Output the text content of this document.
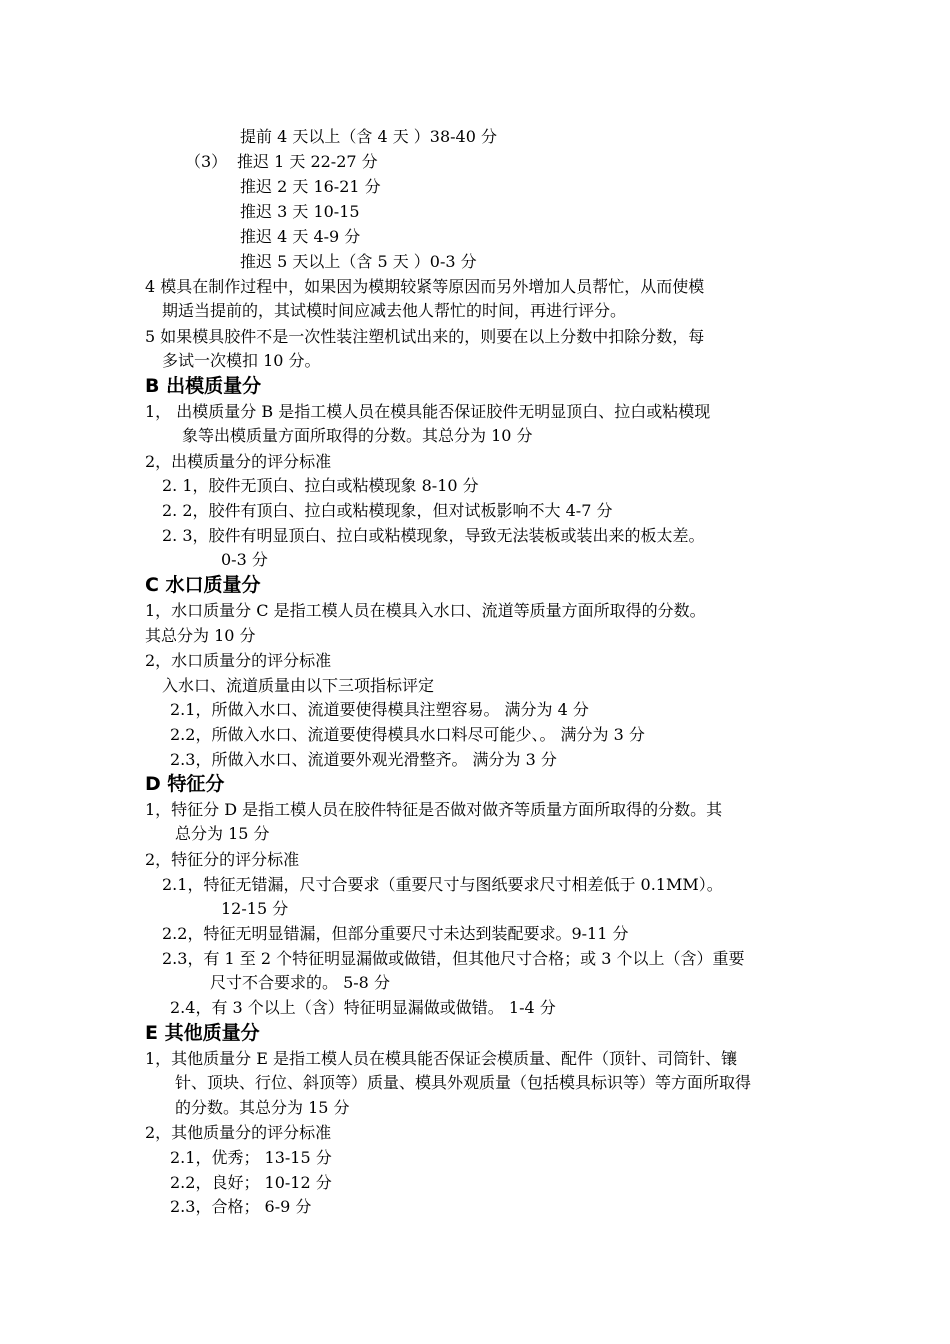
提前 4 天以上（含 4 天 ）38-40 分
（3） 推迟 1 天 22-27 分
推迟 2 天 16-21 分
推迟 3 天 10-15
推迟 4 天 4-9 分
推迟 5 天以上（含 5 天 ）0-3 分
4 模具在制作过程中，如果因为模期较紧等原因而另外增加人员帮忙，从而使模
期适当提前的，其试模时间应减去他人帮忙的时间，再进行评分。
5 如果模具胶件不是一次性装注塑机试出来的，则要在以上分数中扣除分数，每
多试一次模扣 10 分。
B 出模质量分
1， 出模质量分 B 是指工模人员在模具能否保证胶件无明显顶白、拉白或粘模现
象等出模质量方面所取得的分数。其总分为 10 分
2，出模质量分的评分标准
2. 1，胶件无顶白、拉白或粘模现象 8-10 分
2. 2，胶件有顶白、拉白或粘模现象，但对试板影响不大 4-7 分
2. 3，胶件有明显顶白、拉白或粘模现象，导致无法装板或装出来的板太差。
0-3 分
C 水口质量分
1，水口质量分 C 是指工模人员在模具入水口、流道等质量方面所取得的分数。
其总分为 10 分
2，水口质量分的评分标准
入水口、流道质量由以下三项指标评定
2.1，所做入水口、流道要使得模具注塑容易。 满分为 4 分
2.2，所做入水口、流道要使得模具水口料尽可能少、。 满分为 3 分
2.3，所做入水口、流道要外观光滑整齐。 满分为 3 分
D 特征分
1，特征分 D 是指工模人员在胶件特征是否做对做齐等质量方面所取得的分数。其
总分为 15 分
2，特征分的评分标准
2.1，特征无错漏，尺寸合要求（重要尺寸与图纸要求尺寸相差低于 0.1MM）。
12-15 分
2.2，特征无明显错漏，但部分重要尺寸未达到装配要求。9-11 分
2.3，有 1 至 2 个特征明显漏做或做错，但其他尺寸合格；或 3 个以上（含）重要
尺寸不合要求的。 5-8 分
2.4，有 3 个以上（含）特征明显漏做或做错。 1-4 分
E 其他质量分
1，其他质量分 E 是指工模人员在模具能否保证会模质量、配件（顶针、司筒针、镶
针、顶块、行位、斜顶等）质量、模具外观质量（包括模具标识等）等方面所取得
的分数。其总分为 15 分
2，其他质量分的评分标准
2.1，优秀； 13-15 分
2.2，良好； 10-12 分
2.3，合格； 6-9 分
